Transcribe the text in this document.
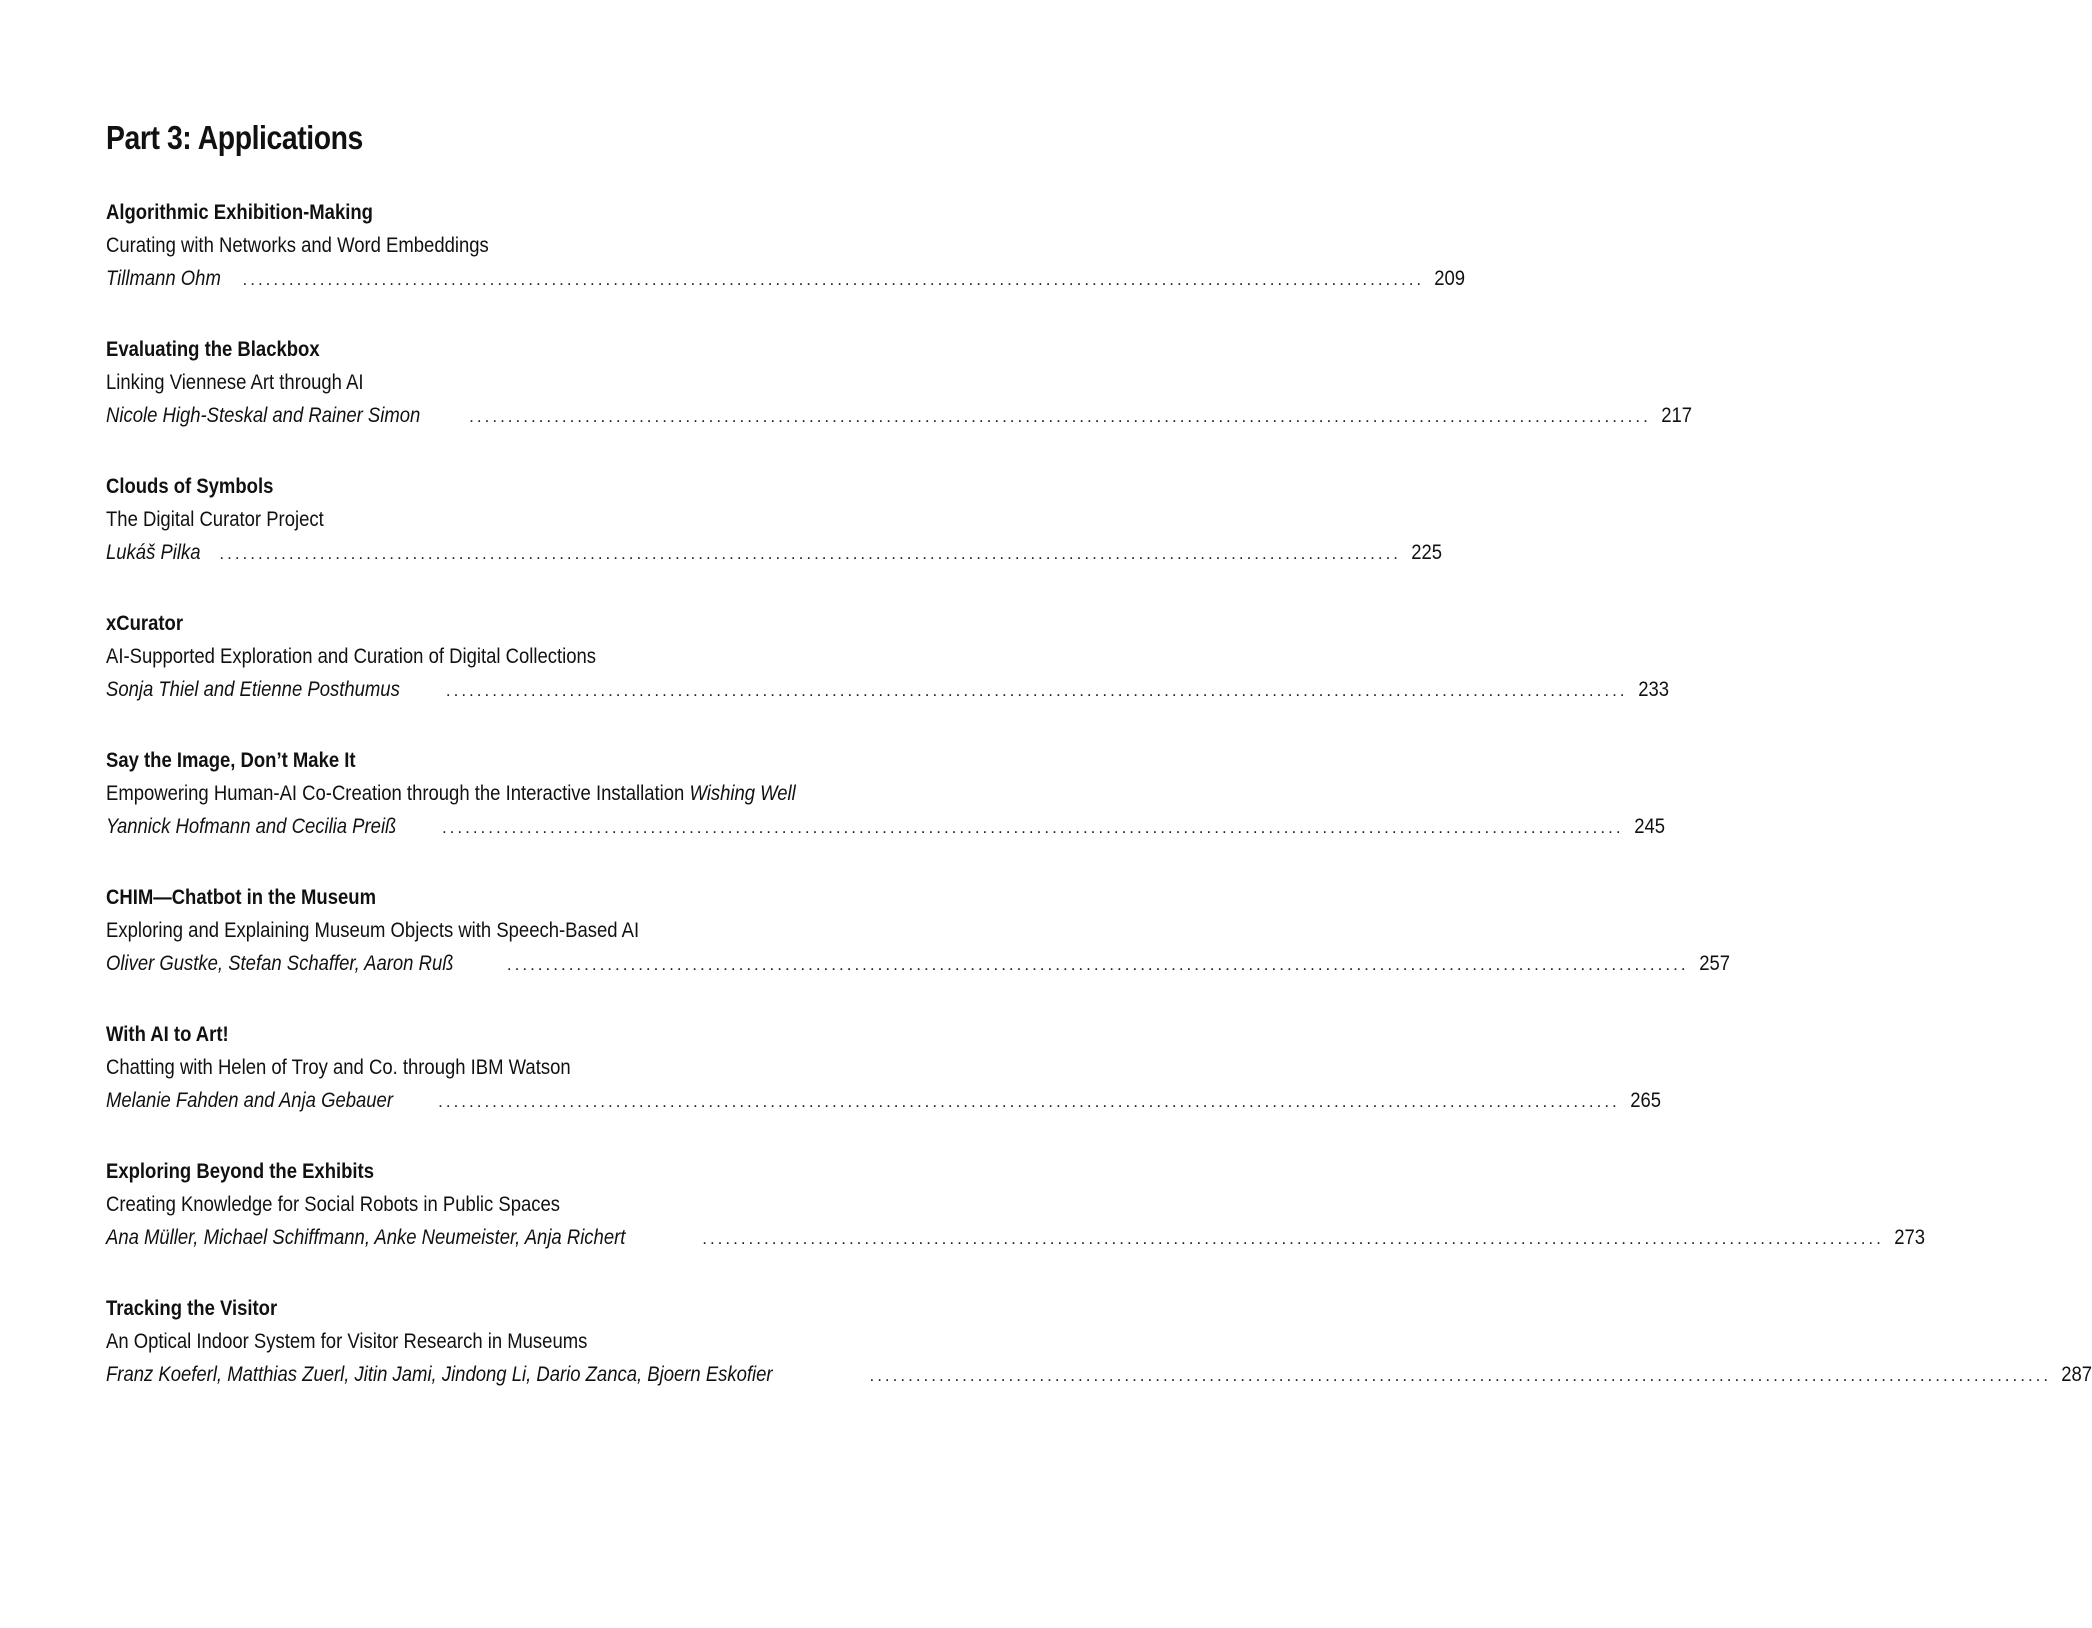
Part 3: Applications
Algorithmic Exhibition-Making
Curating with Networks and Word Embeddings
Tillmann Ohm ......................................................................................................................................................... 209
Evaluating the Blackbox
Linking Viennese Art through AI
Nicole High-Steskal and Rainer Simon	......................................................................................................................................................... 217
Clouds of Symbols
The Digital Curator Project
Lukáš Pilka ......................................................................................................................................................... 225
xCurator
AI-Supported Exploration and Curation of Digital Collections
Sonja Thiel and Etienne Posthumus	......................................................................................................................................................... 233
Say the Image, Don’t Make It
Empowering Human-AI Co-Creation through the Interactive Installation Wishing Well
Yannick Hofmann and Cecilia Preiß	......................................................................................................................................................... 245
CHIM—Chatbot in the Museum
Exploring and Explaining Museum Objects with Speech-Based AI
Oliver Gustke, Stefan Schaffer, Aaron Ruß	......................................................................................................................................................... 257
With AI to Art!
Chatting with Helen of Troy and Co. through IBM Watson
Melanie Fahden and Anja Gebauer	......................................................................................................................................................... 265
Exploring Beyond the Exhibits
Creating Knowledge for Social Robots in Public Spaces
Ana Müller, Michael Schiffmann, Anke Neumeister, Anja Richert	......................................................................................................................................................... 273
Tracking the Visitor
An Optical Indoor System for Visitor Research in Museums
Franz Koeferl, Matthias Zuerl, Jitin Jami, Jindong Li, Dario Zanca, Bjoern Eskofier	......................................................................................................................................................... 287
